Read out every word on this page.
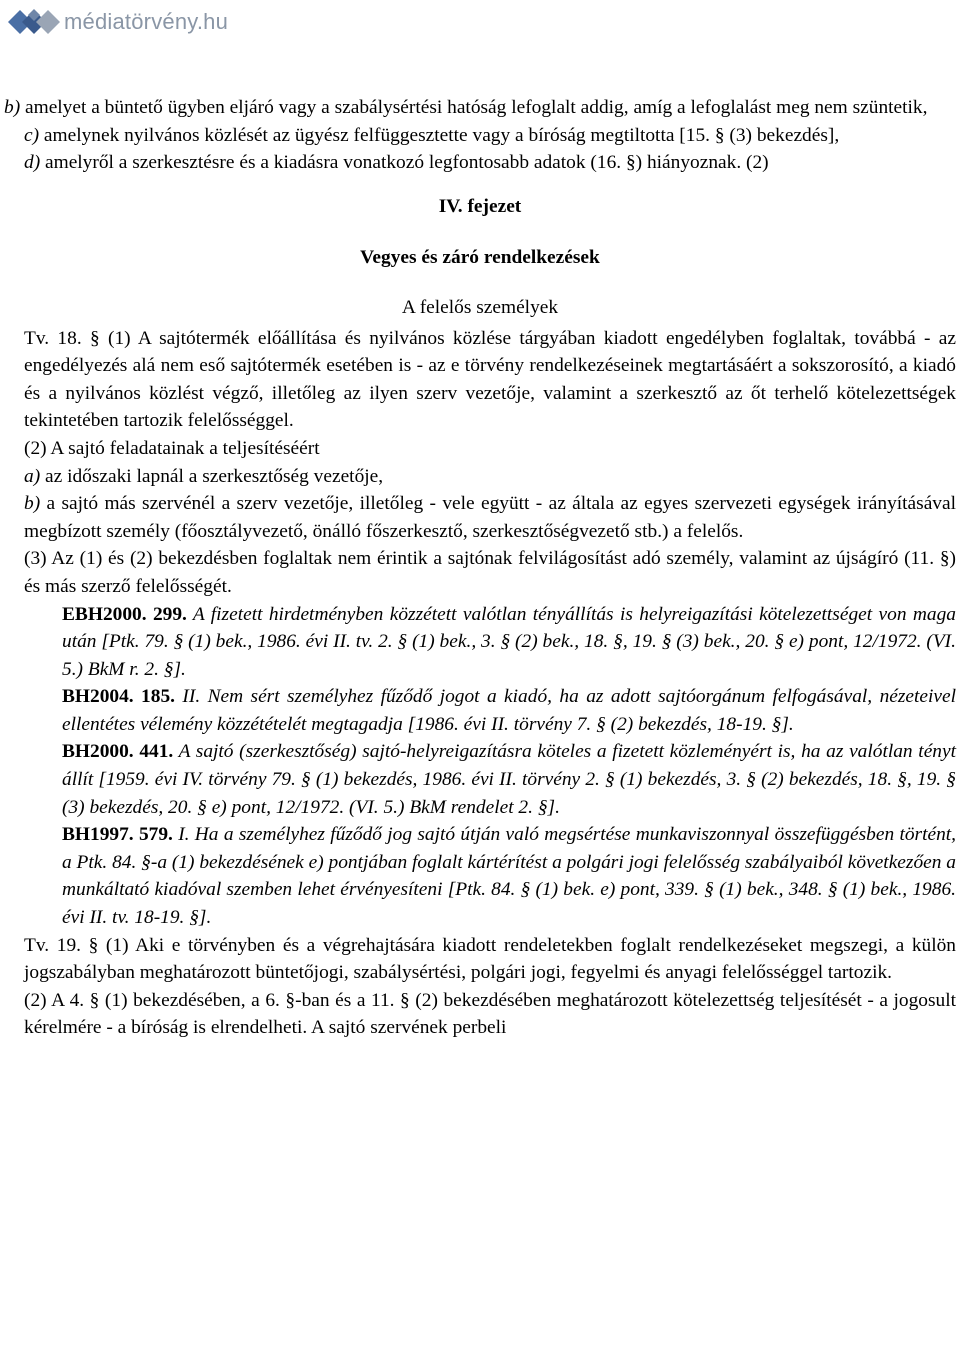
médiatörvény.hu

b) amelyet a büntető ügyben eljáró vagy a szabálysértési hatóság lefoglalt addig, amíg a lefoglalást meg nem szüntetik,

c) amelynek nyilvános közlését az ügyész felfüggesztette vagy a bíróság megtiltotta [15. § (3) bekezdés],

d) amelyről a szerkesztésre és a kiadásra vonatkozó legfontosabb adatok (16. §) hiányoznak. (2)

IV. fejezet

Vegyes és záró rendelkezések

A felelős személyek

Tv. 18. § (1) A sajtótermék előállítása és nyilvános közlése tárgyában kiadott engedélyben foglaltak, továbbá - az engedélyezés alá nem eső sajtótermék esetében is - az e törvény rendelkezéseinek megtartásáért a sokszorosító, a kiadó és a nyilvános közlést végző, illetőleg az ilyen szerv vezetője, valamint a szerkesztő az őt terhelő kötelezettségek tekintetében tartozik felelősséggel.

(2) A sajtó feladatainak a teljesítéséért

a) az időszaki lapnál a szerkesztőség vezetője,

b) a sajtó más szervénél a szerv vezetője, illetőleg - vele együtt - az általa az egyes szervezeti egységek irányításával megbízott személy (főosztályvezető, önálló főszerkesztő, szerkesztőségvezető stb.) a felelős.

(3) Az (1) és (2) bekezdésben foglaltak nem érintik a sajtónak felvilágosítást adó személy, valamint az újságíró (11. §) és más szerző felelősségét.

EBH2000. 299. A fizetett hirdetményben közzétett valótlan tényállítás is helyreigazítási kötelezettséget von maga után [Ptk. 79. § (1) bek., 1986. évi II. tv. 2. § (1) bek., 3. § (2) bek., 18. §, 19. § (3) bek., 20. § e) pont, 12/1972. (VI. 5.) BkM r. 2. §].

BH2004. 185. II. Nem sért személyhez fűződő jogot a kiadó, ha az adott sajtóorgánum felfogásával, nézeteivel ellentétes vélemény közzétételét megtagadja [1986. évi II. törvény 7. § (2) bekezdés, 18-19. §].

BH2000. 441. A sajtó (szerkesztőség) sajtó-helyreigazításra köteles a fizetett közleményért is, ha az valótlan tényt állít [1959. évi IV. törvény 79. § (1) bekezdés, 1986. évi II. törvény 2. § (1) bekezdés, 3. § (2) bekezdés, 18. §, 19. § (3) bekezdés, 20. § e) pont, 12/1972. (VI. 5.) BkM rendelet 2. §].

BH1997. 579. I. Ha a személyhez fűződő jog sajtó útján való megsértése munkaviszonnyal összefüggésben történt, a Ptk. 84. §-a (1) bekezdésének e) pontjában foglalt kártérítést a polgári jogi felelősség szabályaiból következően a munkáltató kiadóval szemben lehet érvényesíteni [Ptk. 84. § (1) bek. e) pont, 339. § (1) bek., 348. § (1) bek., 1986. évi II. tv. 18-19. §].

Tv. 19. § (1) Aki e törvényben és a végrehajtására kiadott rendeletekben foglalt rendelkezéseket megszegi, a külön jogszabályban meghatározott büntetőjogi, szabálysértési, polgári jogi, fegyelmi és anyagi felelősséggel tartozik.

(2) A 4. § (1) bekezdésében, a 6. §-ban és a 11. § (2) bekezdésében meghatározott kötelezettség teljesítését - a jogosult kérelmére - a bíróság is elrendelheti. A sajtó szervének perbeli
